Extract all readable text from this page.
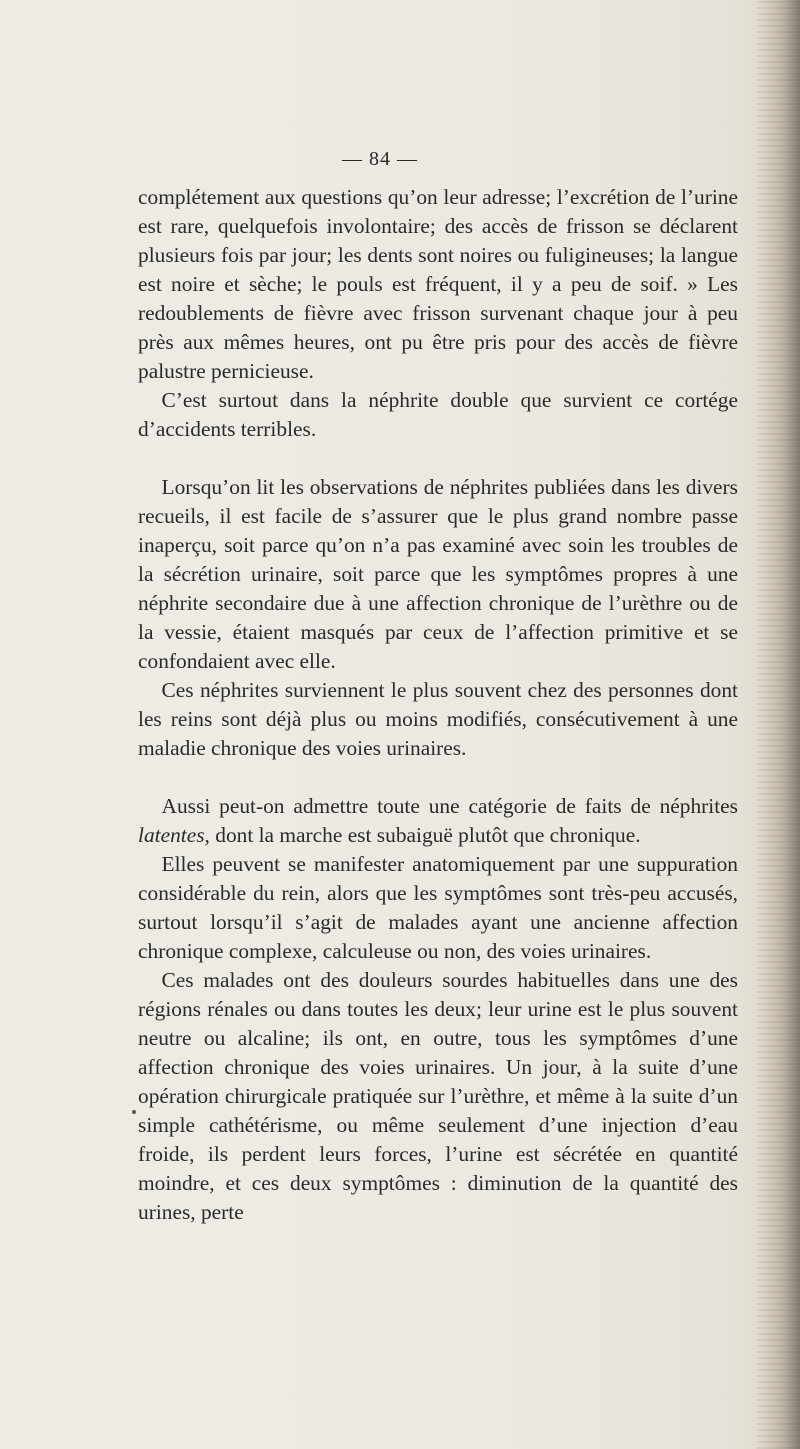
— 84 —

complétement aux questions qu’on leur adresse; l’excrétion de l’urine est rare, quelquefois involontaire; des accès de frisson se déclarent plusieurs fois par jour; les dents sont noires ou fuligineuses; la langue est noire et sèche; le pouls est fréquent, il y a peu de soif. » Les redoublements de fièvre avec frisson survenant chaque jour à peu près aux mêmes heures, ont pu être pris pour des accès de fièvre palustre pernicieuse.

C’est surtout dans la néphrite double que survient ce cortége d’accidents terribles.

Lorsqu’on lit les observations de néphrites publiées dans les divers recueils, il est facile de s’assurer que le plus grand nombre passe inaperçu, soit parce qu’on n’a pas examiné avec soin les troubles de la sécrétion urinaire, soit parce que les symptômes propres à une néphrite secondaire due à une affection chronique de l’urèthre ou de la vessie, étaient masqués par ceux de l’affection primitive et se confondaient avec elle.

Ces néphrites surviennent le plus souvent chez des personnes dont les reins sont déjà plus ou moins modifiés, consécutivement à une maladie chronique des voies urinaires.

Aussi peut-on admettre toute une catégorie de faits de néphrites latentes, dont la marche est subaiguë plutôt que chronique.

Elles peuvent se manifester anatomiquement par une suppuration considérable du rein, alors que les symptômes sont très-peu accusés, surtout lorsqu’il s’agit de malades ayant une ancienne affection chronique complexe, calculeuse ou non, des voies urinaires.

Ces malades ont des douleurs sourdes habituelles dans une des régions rénales ou dans toutes les deux; leur urine est le plus souvent neutre ou alcaline; ils ont, en outre, tous les symptômes d’une affection chronique des voies urinaires. Un jour, à la suite d’une opération chirurgicale pratiquée sur l’urèthre, et même à la suite d’un simple cathétérisme, ou même seulement d’une injection d’eau froide, ils perdent leurs forces, l’urine est sécrétée en quantité moindre, et ces deux symptômes : diminution de la quantité des urines, perte
